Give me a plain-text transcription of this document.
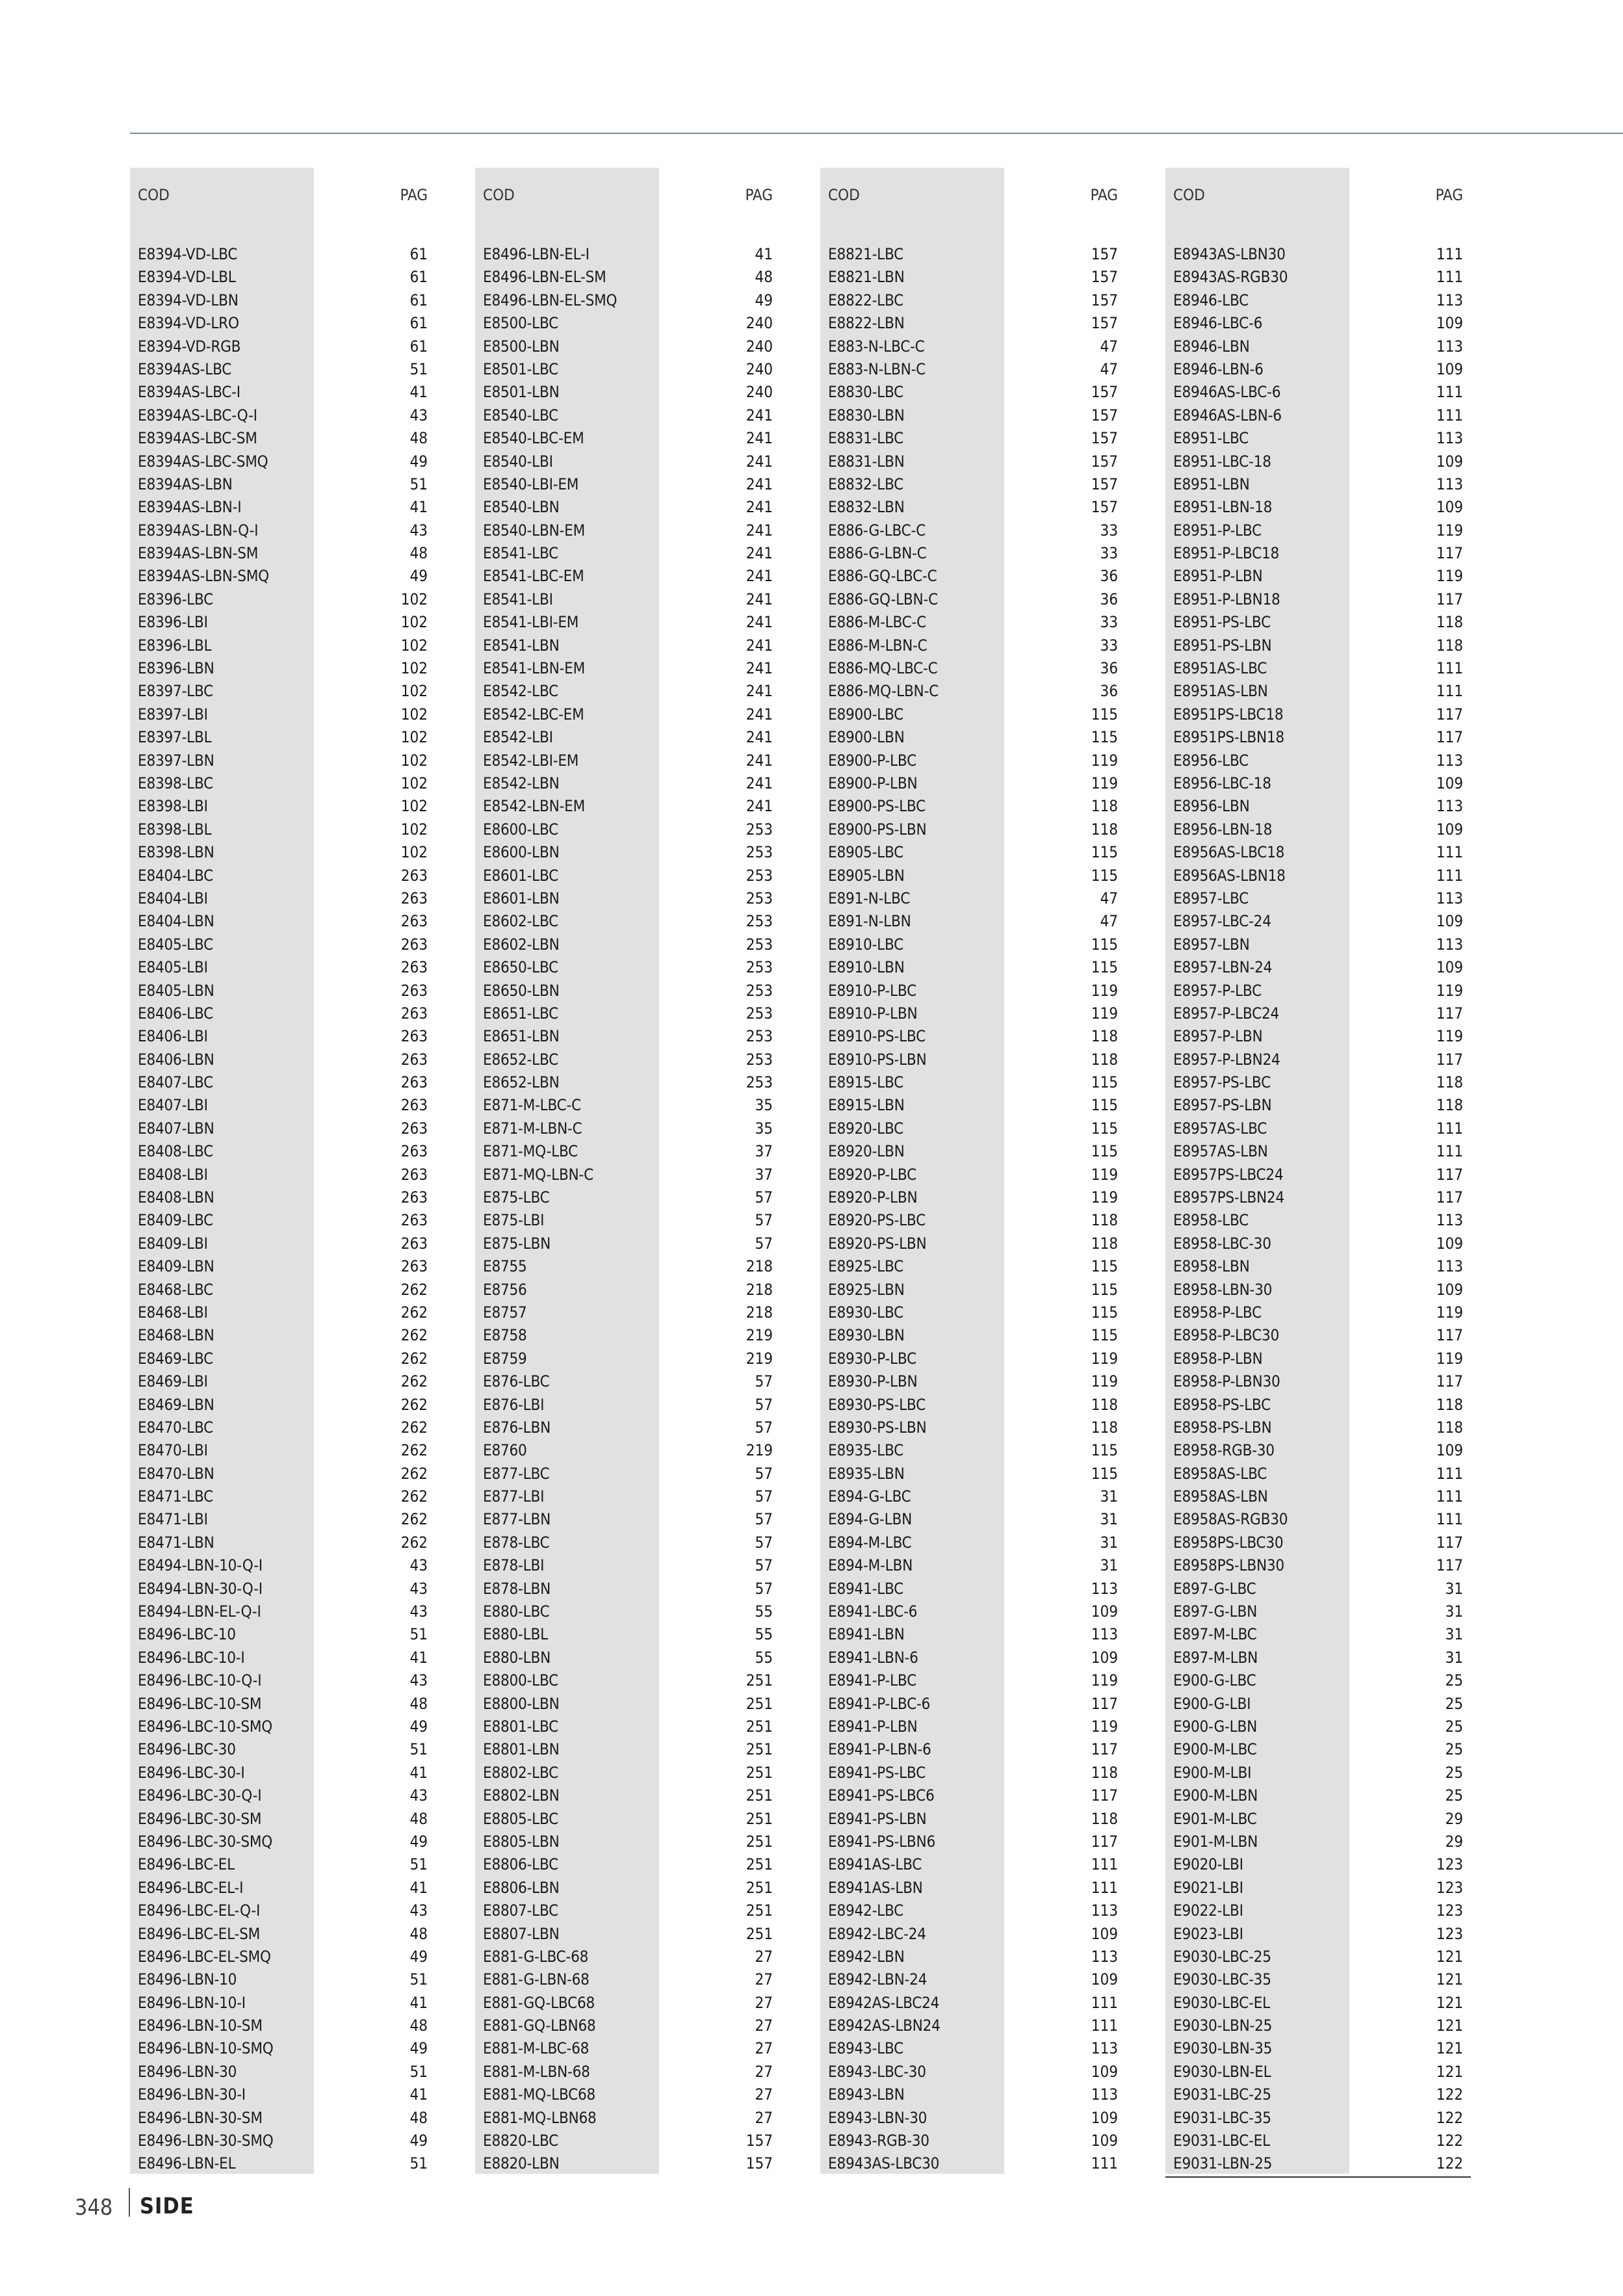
COD	PAG
E8394-VD-LBC	61
E8394-VD-LBL	61
E8394-VD-LBN	61
E8394-VD-LRO	61
E8394-VD-RGB	61
E8394AS-LBC	51
E8394AS-LBC-I	41
E8394AS-LBC-Q-I	43
E8394AS-LBC-SM	48
E8394AS-LBC-SMQ	49
E8394AS-LBN	51
E8394AS-LBN-I	41
E8394AS-LBN-Q-I	43
E8394AS-LBN-SM	48
E8394AS-LBN-SMQ	49
E8396-LBC	102
E8396-LBI	102
E8396-LBL	102
E8396-LBN	102
E8397-LBC	102
E8397-LBI	102
E8397-LBL	102
E8397-LBN	102
E8398-LBC	102
E8398-LBI	102
E8398-LBL	102
E8398-LBN	102
E8404-LBC	263
E8404-LBI	263
E8404-LBN	263
E8405-LBC	263
E8405-LBI	263
E8405-LBN	263
E8406-LBC	263
E8406-LBI	263
E8406-LBN	263
E8407-LBC	263
E8407-LBI	263
E8407-LBN	263
E8408-LBC	263
E8408-LBI	263
E8408-LBN	263
E8409-LBC	263
E8409-LBI	263
E8409-LBN	263
E8468-LBC	262
E8468-LBI	262
E8468-LBN	262
E8469-LBC	262
E8469-LBI	262
E8469-LBN	262
E8470-LBC	262
E8470-LBI	262
E8470-LBN	262
E8471-LBC	262
E8471-LBI	262
E8471-LBN	262
E8494-LBN-10-Q-I	43
E8494-LBN-30-Q-I	43
E8494-LBN-EL-Q-I	43
E8496-LBC-10	51
E8496-LBC-10-I	41
E8496-LBC-10-Q-I	43
E8496-LBC-10-SM	48
E8496-LBC-10-SMQ	49
E8496-LBC-30	51
E8496-LBC-30-I	41
E8496-LBC-30-Q-I	43
E8496-LBC-30-SM	48
E8496-LBC-30-SMQ	49
E8496-LBC-EL	51
E8496-LBC-EL-I	41
E8496-LBC-EL-Q-I	43
E8496-LBC-EL-SM	48
E8496-LBC-EL-SMQ	49
E8496-LBN-10	51
E8496-LBN-10-I	41
E8496-LBN-10-SM	48
E8496-LBN-10-SMQ	49
E8496-LBN-30	51
E8496-LBN-30-I	41
E8496-LBN-30-SM	48
E8496-LBN-30-SMQ	49
E8496-LBN-EL	51
COD	PAG
E8496-LBN-EL-I	41
E8496-LBN-EL-SM	48
E8496-LBN-EL-SMQ	49
E8500-LBC	240
E8500-LBN	240
E8501-LBC	240
E8501-LBN	240
E8540-LBC	241
E8540-LBC-EM	241
E8540-LBI	241
E8540-LBI-EM	241
E8540-LBN	241
E8540-LBN-EM	241
E8541-LBC	241
E8541-LBC-EM	241
E8541-LBI	241
E8541-LBI-EM	241
E8541-LBN	241
E8541-LBN-EM	241
E8542-LBC	241
E8542-LBC-EM	241
E8542-LBI	241
E8542-LBI-EM	241
E8542-LBN	241
E8542-LBN-EM	241
E8600-LBC	253
E8600-LBN	253
E8601-LBC	253
E8601-LBN	253
E8602-LBC	253
E8602-LBN	253
E8650-LBC	253
E8650-LBN	253
E8651-LBC	253
E8651-LBN	253
E8652-LBC	253
E8652-LBN	253
E871-M-LBC-C	35
E871-M-LBN-C	35
E871-MQ-LBC	37
E871-MQ-LBN-C	37
E875-LBC	57
E875-LBI	57
E875-LBN	57
E8755	218
E8756	218
E8757	218
E8758	219
E8759	219
E876-LBC	57
E876-LBI	57
E876-LBN	57
E8760	219
E877-LBC	57
E877-LBI	57
E877-LBN	57
E878-LBC	57
E878-LBI	57
E878-LBN	57
E880-LBC	55
E880-LBL	55
E880-LBN	55
E8800-LBC	251
E8800-LBN	251
E8801-LBC	251
E8801-LBN	251
E8802-LBC	251
E8802-LBN	251
E8805-LBC	251
E8805-LBN	251
E8806-LBC	251
E8806-LBN	251
E8807-LBC	251
E8807-LBN	251
E881-G-LBC-68	27
E881-G-LBN-68	27
E881-GQ-LBC68	27
E881-GQ-LBN68	27
E881-M-LBC-68	27
E881-M-LBN-68	27
E881-MQ-LBC68	27
E881-MQ-LBN68	27
E8820-LBC	157
E8820-LBN	157
COD	PAG
E8821-LBC	157
E8821-LBN	157
E8822-LBC	157
E8822-LBN	157
E883-N-LBC-C	47
E883-N-LBN-C	47
E8830-LBC	157
E8830-LBN	157
E8831-LBC	157
E8831-LBN	157
E8832-LBC	157
E8832-LBN	157
E886-G-LBC-C	33
E886-G-LBN-C	33
E886-GQ-LBC-C	36
E886-GQ-LBN-C	36
E886-M-LBC-C	33
E886-M-LBN-C	33
E886-MQ-LBC-C	36
E886-MQ-LBN-C	36
E8900-LBC	115
E8900-LBN	115
E8900-P-LBC	119
E8900-P-LBN	119
E8900-PS-LBC	118
E8900-PS-LBN	118
E8905-LBC	115
E8905-LBN	115
E891-N-LBC	47
E891-N-LBN	47
E8910-LBC	115
E8910-LBN	115
E8910-P-LBC	119
E8910-P-LBN	119
E8910-PS-LBC	118
E8910-PS-LBN	118
E8915-LBC	115
E8915-LBN	115
E8920-LBC	115
E8920-LBN	115
E8920-P-LBC	119
E8920-P-LBN	119
E8920-PS-LBC	118
E8920-PS-LBN	118
E8925-LBC	115
E8925-LBN	115
E8930-LBC	115
E8930-LBN	115
E8930-P-LBC	119
E8930-P-LBN	119
E8930-PS-LBC	118
E8930-PS-LBN	118
E8935-LBC	115
E8935-LBN	115
E894-G-LBC	31
E894-G-LBN	31
E894-M-LBC	31
E894-M-LBN	31
E8941-LBC	113
E8941-LBC-6	109
E8941-LBN	113
E8941-LBN-6	109
E8941-P-LBC	119
E8941-P-LBC-6	117
E8941-P-LBN	119
E8941-P-LBN-6	117
E8941-PS-LBC	118
E8941-PS-LBC6	117
E8941-PS-LBN	118
E8941-PS-LBN6	117
E8941AS-LBC	111
E8941AS-LBN	111
E8942-LBC	113
E8942-LBC-24	109
E8942-LBN	113
E8942-LBN-24	109
E8942AS-LBC24	111
E8942AS-LBN24	111
E8943-LBC	113
E8943-LBC-30	109
E8943-LBN	113
E8943-LBN-30	109
E8943-RGB-30	109
E8943AS-LBC30	111
COD	PAG
E8943AS-LBN30	111
E8943AS-RGB30	111
E8946-LBC	113
E8946-LBC-6	109
E8946-LBN	113
E8946-LBN-6	109
E8946AS-LBC-6	111
E8946AS-LBN-6	111
E8951-LBC	113
E8951-LBC-18	109
E8951-LBN	113
E8951-LBN-18	109
E8951-P-LBC	119
E8951-P-LBC18	117
E8951-P-LBN	119
E8951-P-LBN18	117
E8951-PS-LBC	118
E8951-PS-LBN	118
E8951AS-LBC	111
E8951AS-LBN	111
E8951PS-LBC18	117
E8951PS-LBN18	117
E8956-LBC	113
E8956-LBC-18	109
E8956-LBN	113
E8956-LBN-18	109
E8956AS-LBC18	111
E8956AS-LBN18	111
E8957-LBC	113
E8957-LBC-24	109
E8957-LBN	113
E8957-LBN-24	109
E8957-P-LBC	119
E8957-P-LBC24	117
E8957-P-LBN	119
E8957-P-LBN24	117
E8957-PS-LBC	118
E8957-PS-LBN	118
E8957AS-LBC	111
E8957AS-LBN	111
E8957PS-LBC24	117
E8957PS-LBN24	117
E8958-LBC	113
E8958-LBC-30	109
E8958-LBN	113
E8958-LBN-30	109
E8958-P-LBC	119
E8958-P-LBC30	117
E8958-P-LBN	119
E8958-P-LBN30	117
E8958-PS-LBC	118
E8958-PS-LBN	118
E8958-RGB-30	109
E8958AS-LBC	111
E8958AS-LBN	111
E8958AS-RGB30	111
E8958PS-LBC30	117
E8958PS-LBN30	117
E897-G-LBC	31
E897-G-LBN	31
E897-M-LBC	31
E897-M-LBN	31
E900-G-LBC	25
E900-G-LBI	25
E900-G-LBN	25
E900-M-LBC	25
E900-M-LBI	25
E900-M-LBN	25
E901-M-LBC	29
E901-M-LBN	29
E9020-LBI	123
E9021-LBI	123
E9022-LBI	123
E9023-LBI	123
E9030-LBC-25	121
E9030-LBC-35	121
E9030-LBC-EL	121
E9030-LBN-25	121
E9030-LBN-35	121
E9030-LBN-EL	121
E9031-LBC-25	122
E9031-LBC-35	122
E9031-LBC-EL	122
E9031-LBN-25	122
348 SIDE
